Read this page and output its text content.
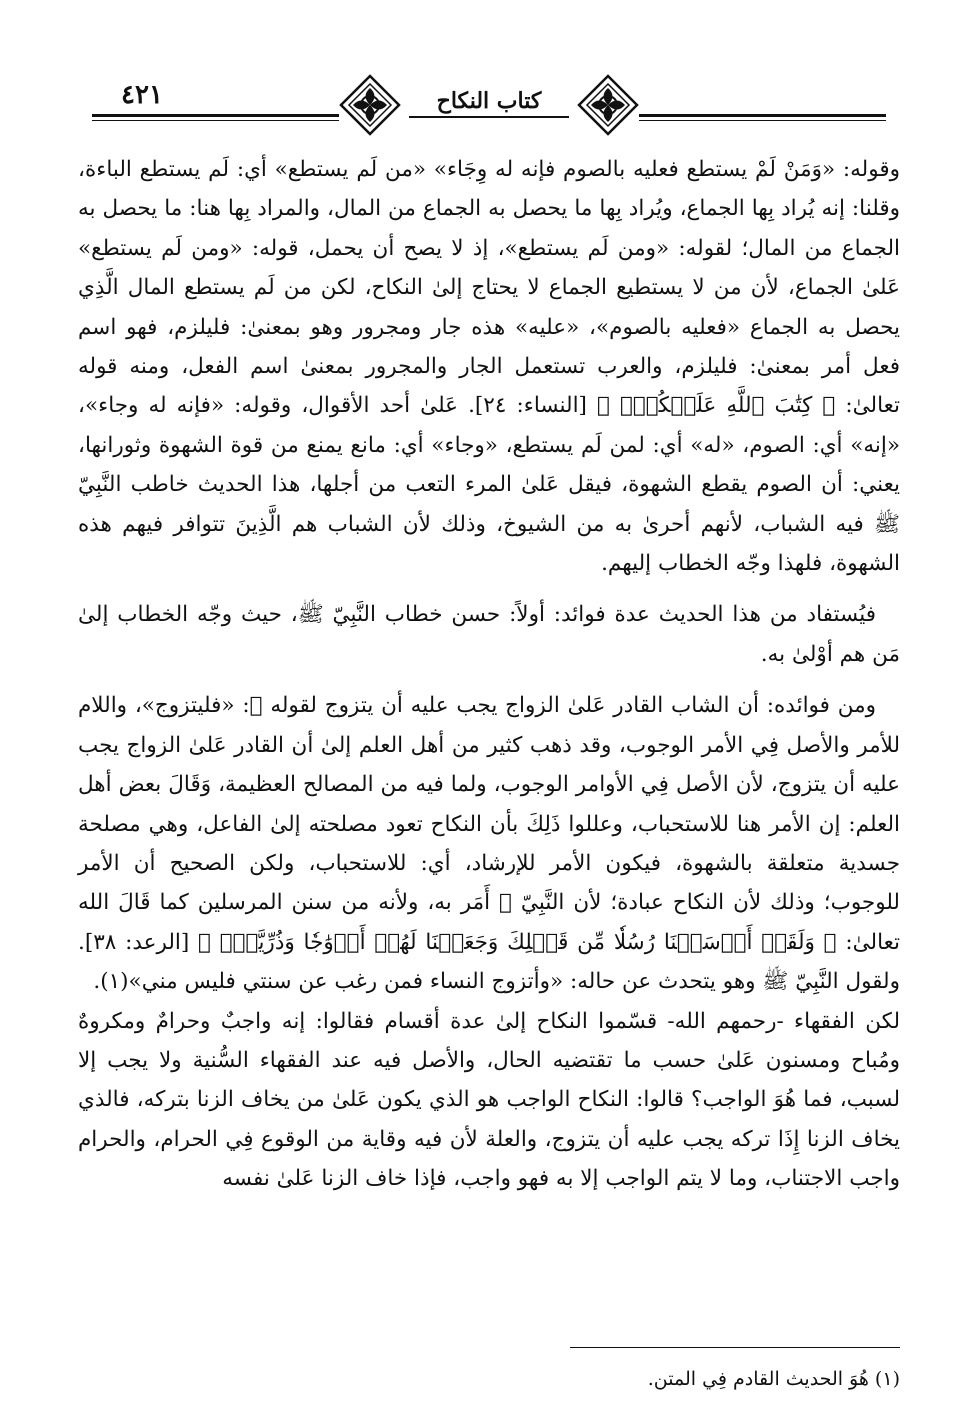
٤٢١	كتاب النكاح

وقوله: «وَمَنْ لَمْ يستطع فعليه بالصوم فإنه له وِجَاء» «من لَم يستطع» أي: لَم يستطع الباءة، وقلنا: إنه يُراد بِها الجماع، ويُراد بِها ما يحصل به الجماع من المال، والمراد بِها هنا: ما يحصل به الجماع من المال؛ لقوله: «ومن لَم يستطع»، إذ لا يصح أن يحمل، قوله: «ومن لَم يستطع» عَلىٰ الجماع، لأن من لا يستطيع الجماع لا يحتاج إلىٰ النكاح، لكن من لَم يستطع المال الَّذِي يحصل به الجماع «فعليه بالصوم»، «عليه» هذه جار ومجرور وهو بمعنىٰ: فليلزم، فهو اسم فعل أمر بمعنىٰ: فليلزم، والعرب تستعمل الجار والمجرور بمعنىٰ اسم الفعل، ومنه قوله تعالىٰ: ﴿ كِتَٰبَ ٱللَّهِ عَلَيۡكُمۡۚ ﴾ [النساء: ٢٤]. عَلىٰ أحد الأقوال، وقوله: «فإنه له وجاء»، «إنه» أي: الصوم، «له» أي: لمن لَم يستطع، «وجاء» أي: مانع يمنع من قوة الشهوة وثورانها، يعني: أن الصوم يقطع الشهوة، فيقل عَلىٰ المرء التعب من أجلها، هذا الحديث خاطب النَّبِيّ ﷺ فيه الشباب، لأنهم أحرىٰ به من الشيوخ، وذلك لأن الشباب هم الَّذِينَ تتوافر فيهم هذه الشهوة، فلهذا وجّه الخطاب إليهم.

فيُستفاد من هذا الحديث عدة فوائد: أولاً: حسن خطاب النَّبِيّ ﷺ، حيث وجّه الخطاب إلىٰ مَن هم أوْلىٰ به.

ومن فوائده: أن الشاب القادر عَلىٰ الزواج يجب عليه أن يتزوج لقوله ﷺ: «فليتزوج»، واللام للأمر والأصل فِي الأمر الوجوب، وقد ذهب كثير من أهل العلم إلىٰ أن القادر عَلىٰ الزواج يجب عليه أن يتزوج، لأن الأصل فِي الأوامر الوجوب، ولما فيه من المصالح العظيمة، وَقَالَ بعض أهل العلم: إن الأمر هنا للاستحباب، وعللوا ذَلِكَ بأن النكاح تعود مصلحته إلىٰ الفاعل، وهي مصلحة جسدية متعلقة بالشهوة، فيكون الأمر للإرشاد، أي: للاستحباب، ولكن الصحيح أن الأمر للوجوب؛ وذلك لأن النكاح عبادة؛ لأن النَّبِيّ ﷺ أَمَر به، ولأنه من سنن المرسلين كما قَالَ الله تعالىٰ: ﴿ وَلَقَدۡ أَرۡسَلۡنَا رُسُلٗا مِّن قَبۡلِكَ وَجَعَلۡنَا لَهُمۡ أَزۡوَٰجٗا وَذُرِّيَّةٗۚ ﴾ [الرعد: ٣٨]. ولقول النَّبِيّ ﷺ وهو يتحدث عن حاله: «وأتزوج النساء فمن رغب عن سنتي فليس مني»(١).

لكن الفقهاء -رحمهم الله- قسّموا النكاح إلىٰ عدة أقسام فقالوا: إنه واجبٌ وحرامٌ ومكروهٌ ومُباح ومسنون عَلىٰ حسب ما تقتضيه الحال، والأصل فيه عند الفقهاء السُّنية ولا يجب إلا لسبب، فما هُوَ الواجب؟ قالوا: النكاح الواجب هو الذي يكون عَلىٰ من يخاف الزنا بتركه، فالذي يخاف الزنا إِذَا تركه يجب عليه أن يتزوج، والعلة لأن فيه وقاية من الوقوع فِي الحرام، والحرام واجب الاجتناب، وما لا يتم الواجب إلا به فهو واجب، فإذا خاف الزنا عَلىٰ نفسه

(١) هُوَ الحديث القادم فِي المتن.
